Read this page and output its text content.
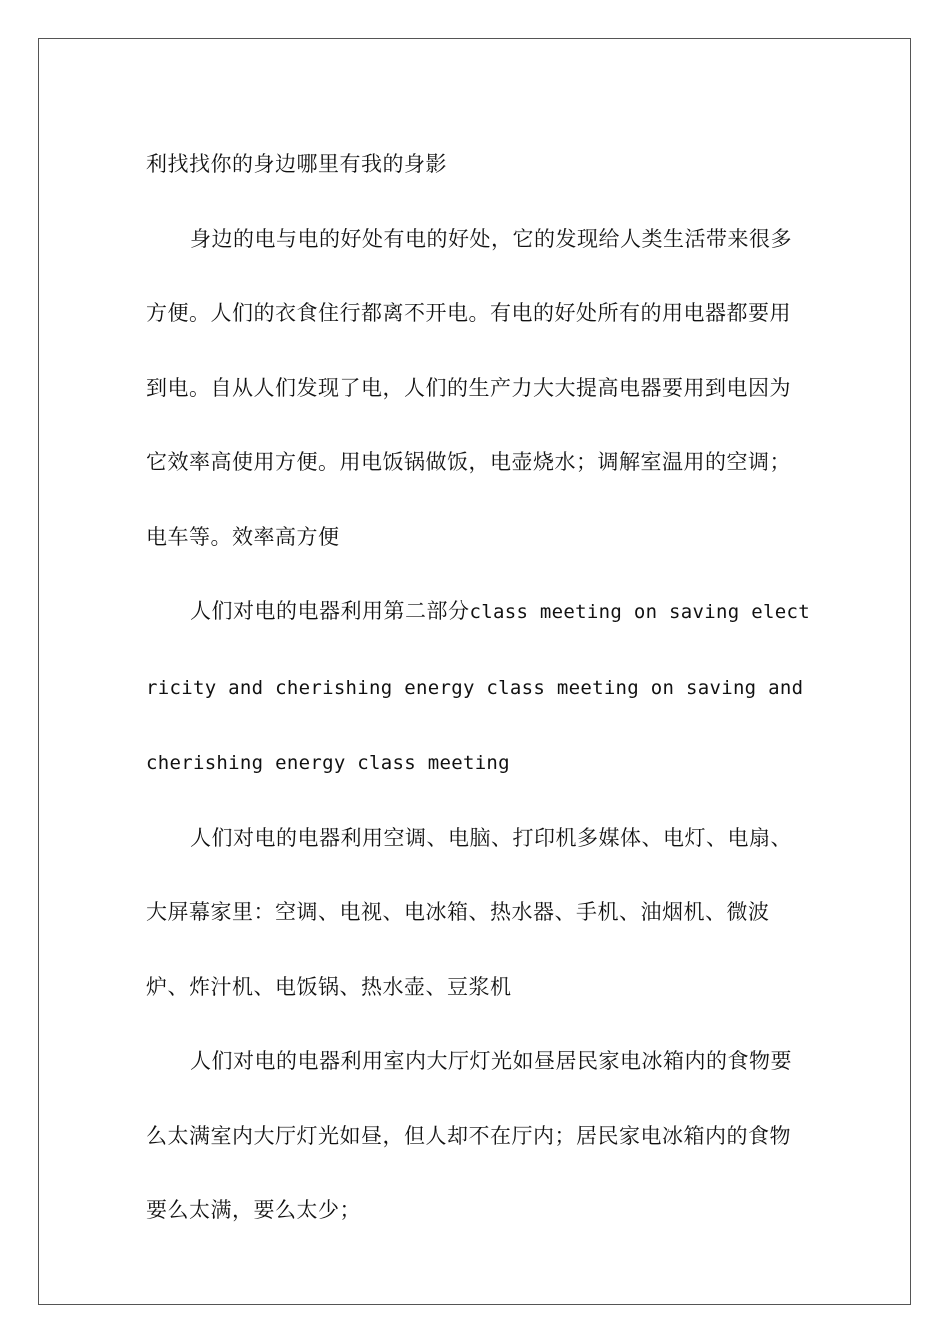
利找找你的身边哪里有我的身影

身边的电与电的好处有电的好处，它的发现给人类生活带来很多方便。人们的衣食住行都离不开电。有电的好处所有的用电器都要用到电。自从人们发现了电，人们的生产力大大提高电器要用到电因为它效率高使用方便。用电饭锅做饭，电壶烧水；调解室温用的空调；电车等。效率高方便

人们对电的电器利用第二部分class meeting on saving electricity and cherishing energy class meeting on saving and cherishing energy class meeting

人们对电的电器利用空调、电脑、打印机多媒体、电灯、电扇、 大屏幕家里：空调、电视、电冰箱、热水器、手机、油烟机、微波炉、炸汁机、电饭锅、热水壶、豆浆机

人们对电的电器利用室内大厅灯光如昼居民家电冰箱内的食物要么太满室内大厅灯光如昼，但人却不在厅内；居民家电冰箱内的食物要么太满，要么太少；
